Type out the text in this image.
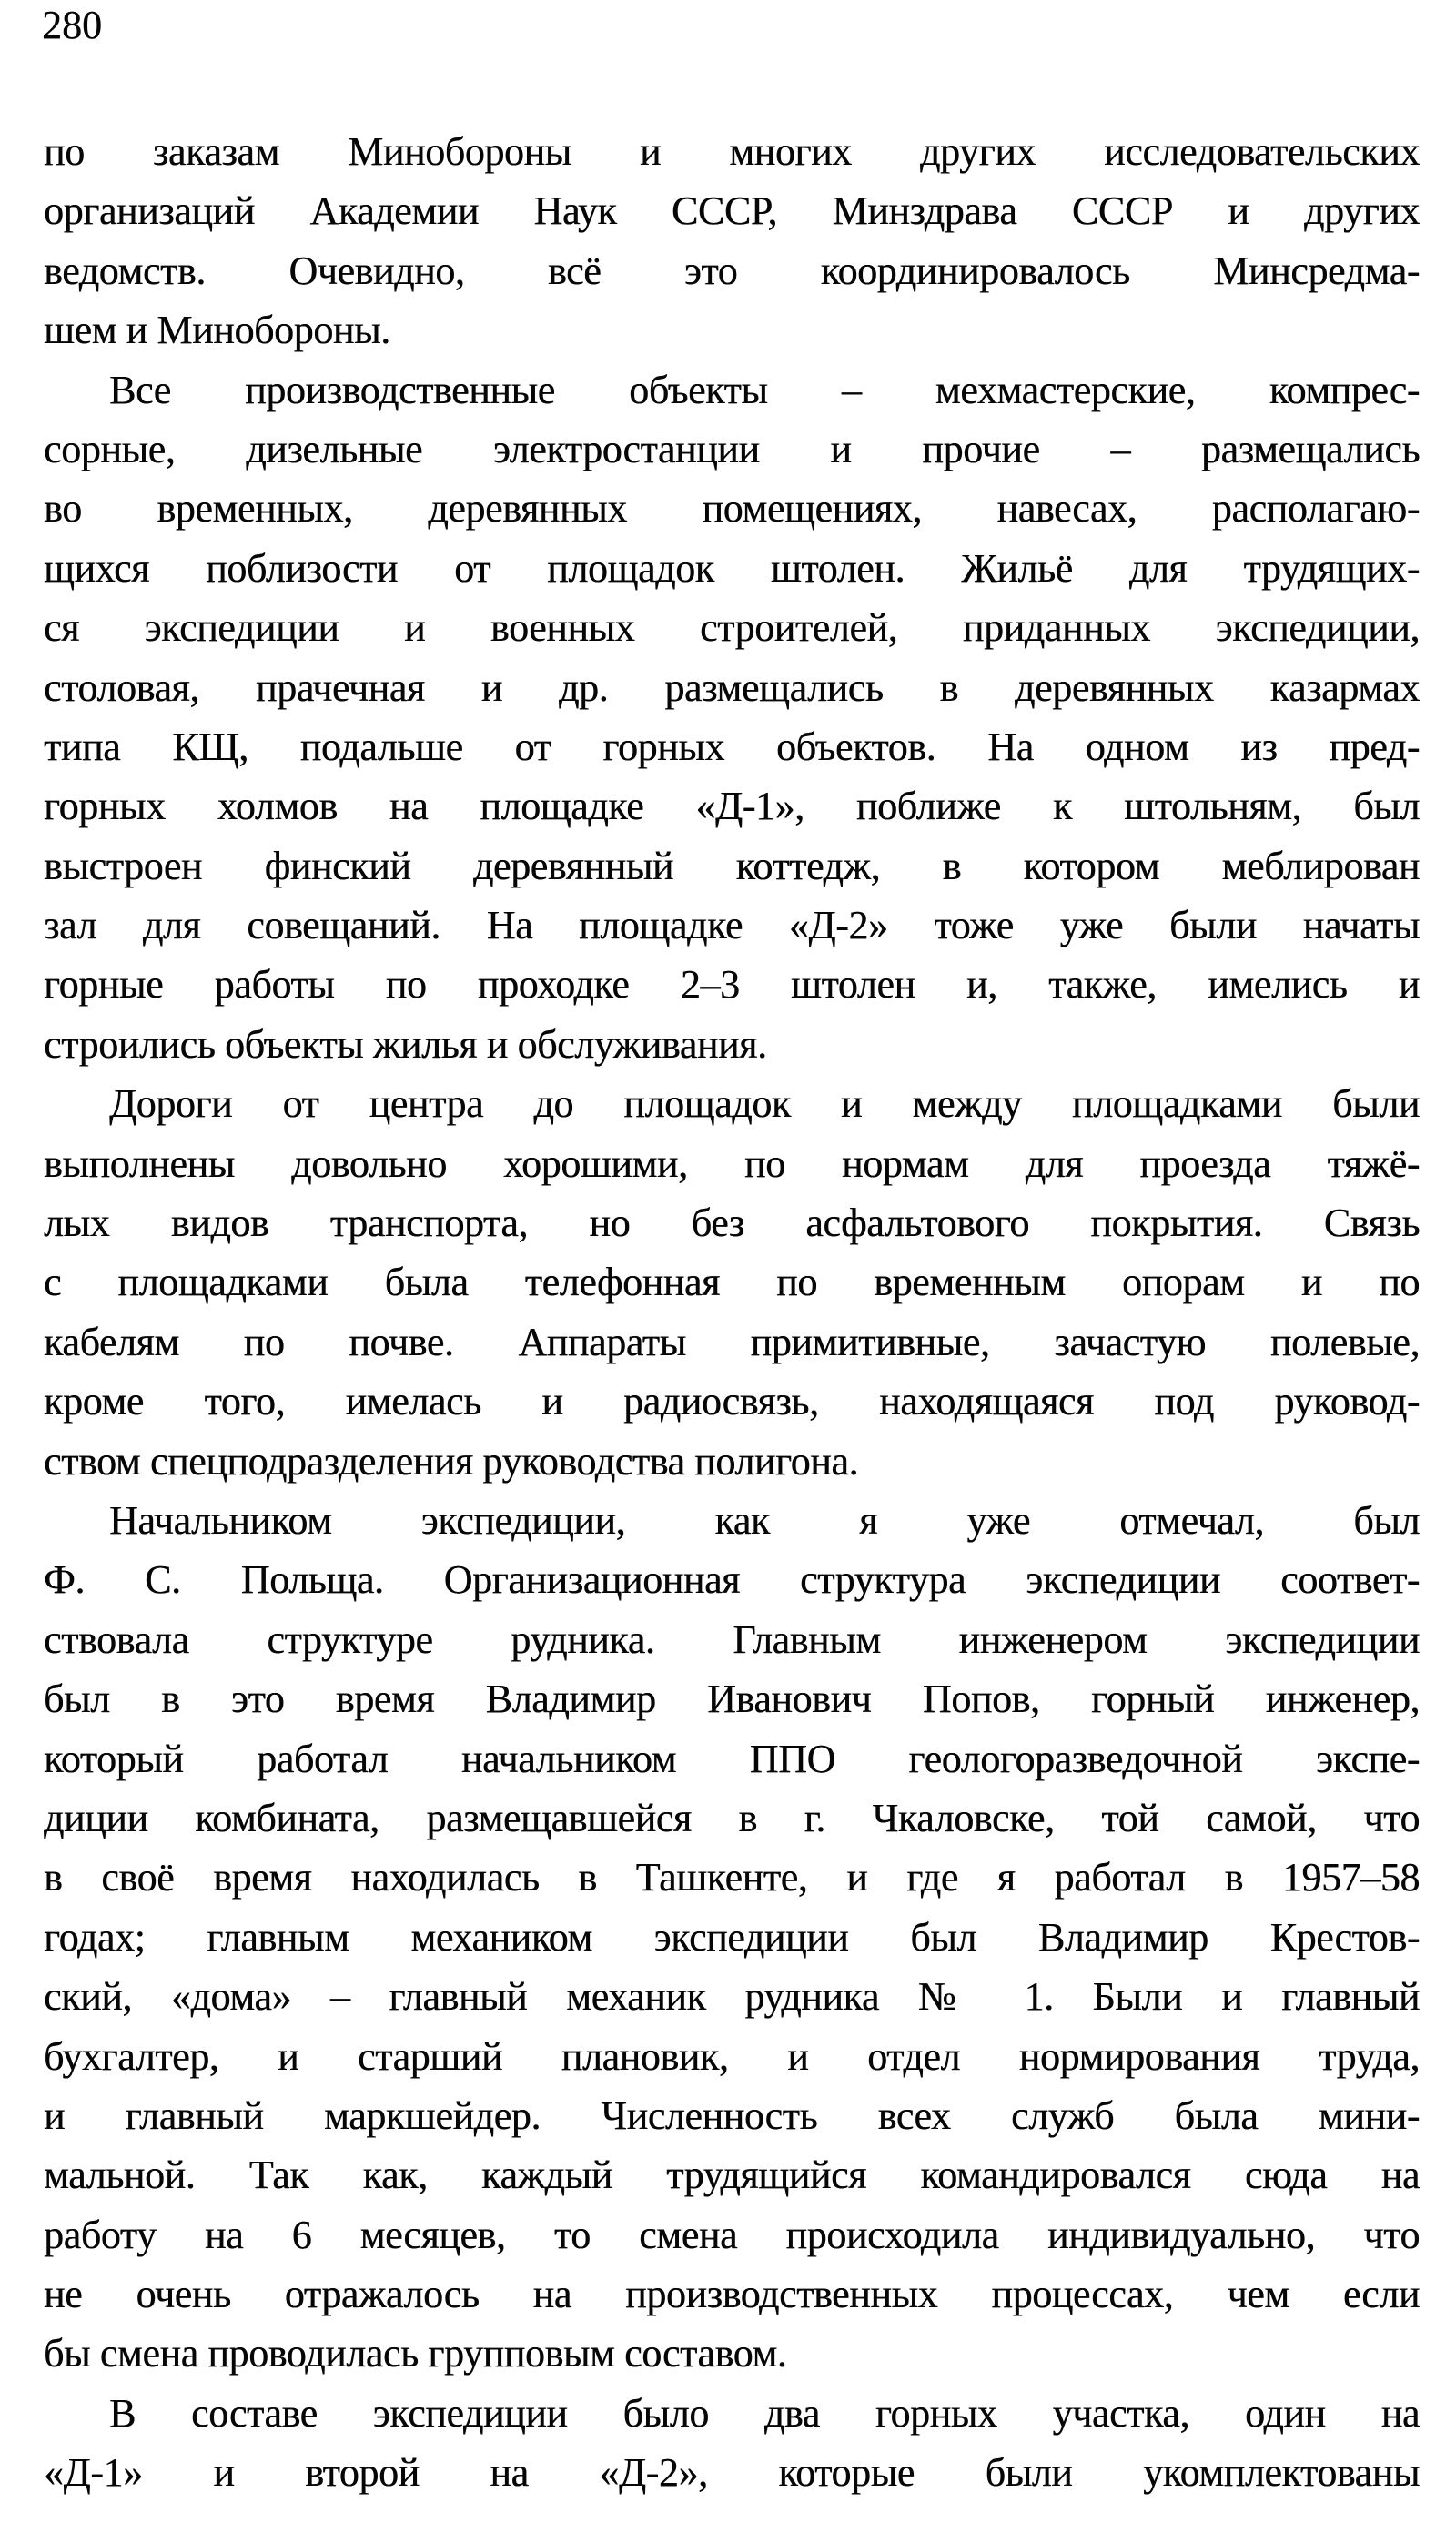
280
по заказам Минобороны и многих других исследовательских
организаций Академии Наук СССР, Минздрава СССР и других
ведомств. Очевидно, всё это координировалось Минсредма-
шем и Минобороны.
Все производственные объекты – мехмастерские, компрес-
сорные, дизельные электростанции и прочие – размещались
во временных, деревянных помещениях, навесах, располагаю-
щихся поблизости от площадок штолен. Жильё для трудящих-
ся экспедиции и военных строителей, приданных экспедиции,
столовая, прачечная и др. размещались в деревянных казармах
типа КЩ, подальше от горных объектов. На одном из пред-
горных холмов на площадке «Д-1», поближе к штольням, был
выстроен финский деревянный коттедж, в котором меблирован
зал для совещаний. На площадке «Д-2» тоже уже были начаты
горные работы по проходке 2–3 штолен и, также, имелись и
строились объекты жилья и обслуживания.
Дороги от центра до площадок и между площадками были
выполнены довольно хорошими, по нормам для проезда тяжё-
лых видов транспорта, но без асфальтового покрытия. Связь
с площадками была телефонная по временным опорам и по
кабелям по почве. Аппараты примитивные, зачастую полевые,
кроме того, имелась и радиосвязь, находящаяся под руковод-
ством спецподразделения руководства полигона.
Начальником экспедиции, как я уже отмечал, был
Ф. С. Польща. Организационная структура экспедиции соответ-
ствовала структуре рудника. Главным инженером экспедиции
был в это время Владимир Иванович Попов, горный инженер,
который работал начальником ППО геологоразведочной экспе-
диции комбината, размещавшейся в г. Чкаловске, той самой, что
в своё время находилась в Ташкенте, и где я работал в 1957–58
годах; главным механиком экспедиции был Владимир Крестов-
ский, «дома» – главный механик рудника № 1. Были и главный
бухгалтер, и старший плановик, и отдел нормирования труда,
и главный маркшейдер. Численность всех служб была мини-
мальной. Так как, каждый трудящийся командировался сюда на
работу на 6 месяцев, то смена происходила индивидуально, что
не очень отражалось на производственных процессах, чем если
бы смена проводилась групповым составом.
В составе экспедиции было два горных участка, один на
«Д-1» и второй на «Д-2», которые были укомплектованы
